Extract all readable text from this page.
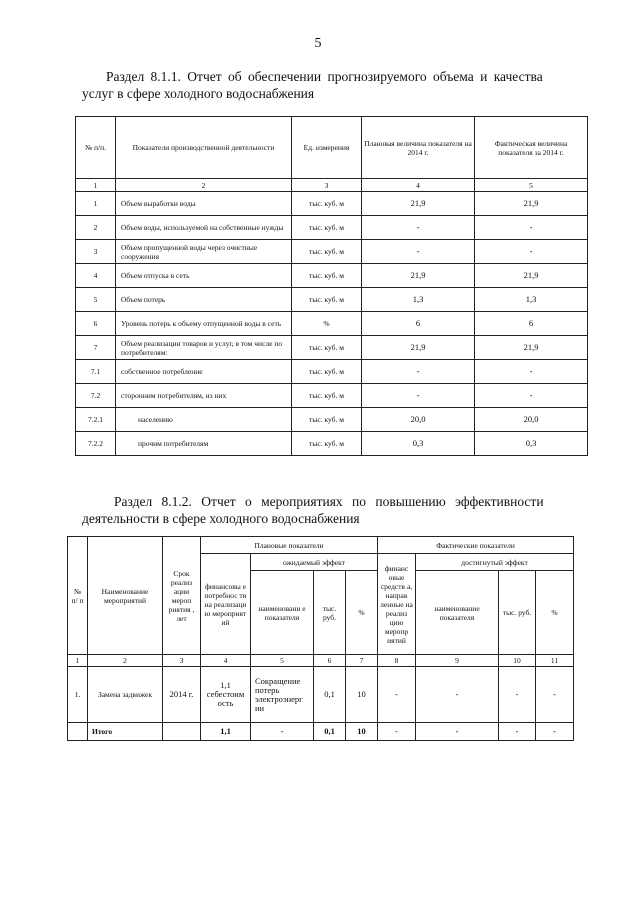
5
Раздел 8.1.1. Отчет об обеспечении прогнозируемого объема и качества
услуг в сфере холодного водоснабжения
№ п/п.	Показатели производственной деятельности	Ед. измерения	Плановая величина показателя на 2014 г.	Фактическая величина показателя за 2014 г.
1	2	3	4	5
1	Объем выработки воды	тыс. куб. м	21,9	21,9
2	Объем воды, используемой на собственные нужды	тыс. куб. м	-	-
3	Объем пропущенной воды через очистные сооружения	тыс. куб. м	-	-
4	Объем отпуска в сеть	тыс. куб. м	21,9	21,9
5	Объем потерь	тыс. куб. м	1,3	1,3
6	Уровень потерь к объему отпущенной воды в сеть	%	6	6
7	Объем реализации товаров и услуг, в том числе по потребителям:	тыс. куб. м	21,9	21,9
7.1	собственное потребление	тыс. куб. м	-	-
7.2	сторонним потребителям, из них	тыс. куб. м	-	-
7.2.1	населению	тыс. куб. м	20,0	20,0
7.2.2	прочим потребителям	тыс. куб. м	0,3	0,3
Раздел 8.1.2. Отчет о мероприятиях по повышению эффективности
деятельности в сфере холодного водоснабжения
№ п/ п	Наименование мероприятий	Срок реализ ации мероп риятия , лет	Плановые показатели				Фактические показатели			
			финансовы е потребнос ти на реализаци ю мероприят ий	ожидаемый эффект			финанс овые средств а, направ ленные на реализ цию меропр иятий	достигнутый эффект		
				наименовани е показателя	тыс. руб.	%		наименование показателя	тыс. руб.	%
1	2	3	4	5	6	7	8	9	10	11
1.	Замена задвижек	2014 г.	1,1 себестоим ость	Сокращение потерь электроэнерг ии	0,1	10	-	-	-	-
	Итого		1,1	-	0,1	10	-	-	-	-
